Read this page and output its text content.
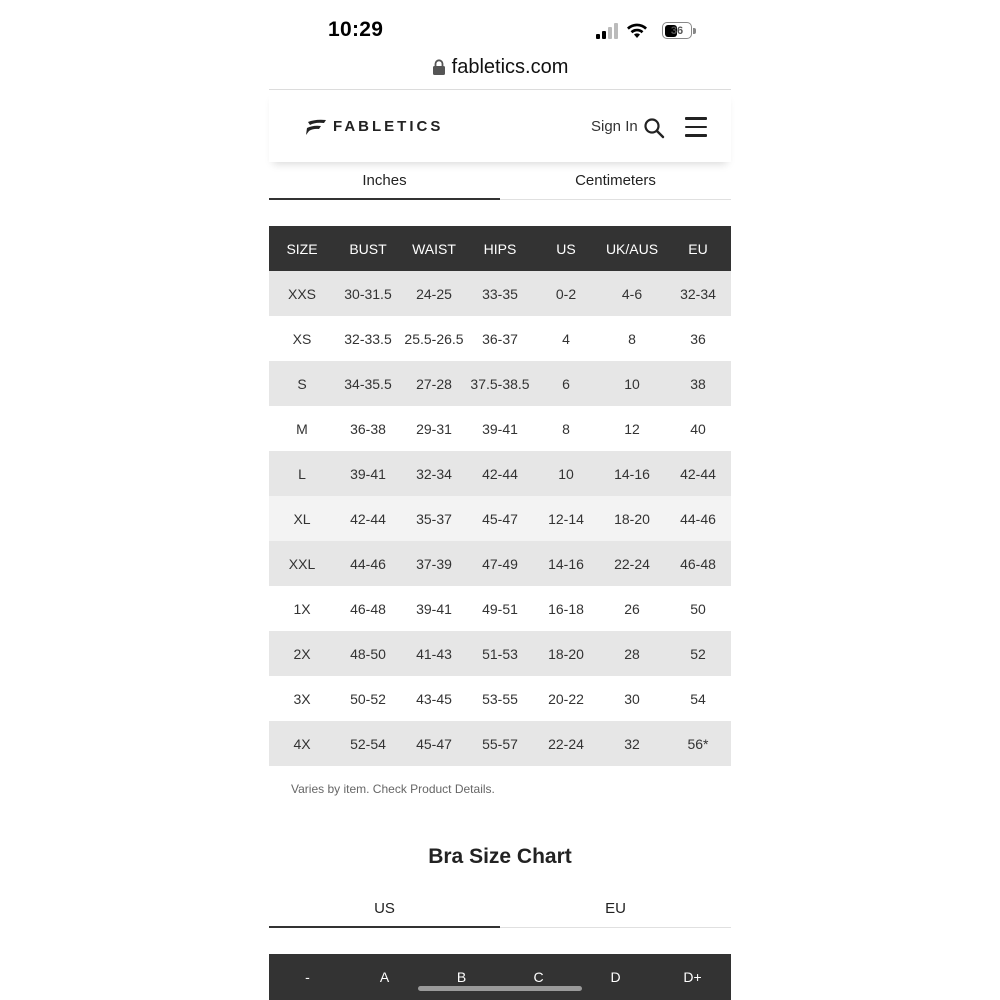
10:29	36
fabletics.com
FABLETICS	Sign In
Inches	Centimeters
SIZE	BUST	WAIST	HIPS	US	UK/AUS	EU
XXS	30-31.5	24-25	33-35	0-2	4-6	32-34
XS	32-33.5	25.5-26.5	36-37	4	8	36
S	34-35.5	27-28	37.5-38.5	6	10	38
M	36-38	29-31	39-41	8	12	40
L	39-41	32-34	42-44	10	14-16	42-44
XL	42-44	35-37	45-47	12-14	18-20	44-46
XXL	44-46	37-39	47-49	14-16	22-24	46-48
1X	46-48	39-41	49-51	16-18	26	50
2X	48-50	41-43	51-53	18-20	28	52
3X	50-52	43-45	53-55	20-22	30	54
4X	52-54	45-47	55-57	22-24	32	56*
Varies by item. Check Product Details.
Bra Size Chart
US	EU
-	A	B	C	D	D+
